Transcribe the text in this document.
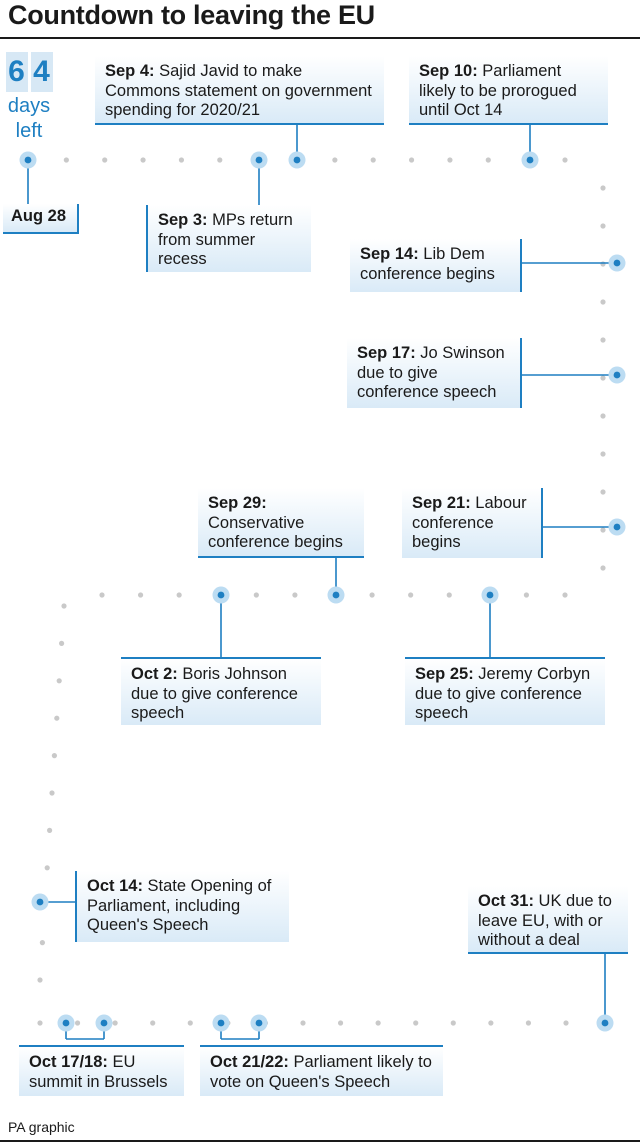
Countdown to leaving the EU
6 4
days
left
Aug 28	Sep 3: MPs return from summer recess
Sep 4: Sajid Javid to make Commons statement on government spending for 2020/21
Sep 10: Parliament likely to be prorogued until Oct 14
Sep 14: Lib Dem conference begins
Sep 17: Jo Swinson due to give conference speech
Sep 21: Labour conference begins
Sep 25: Jeremy Corbyn due to give conference speech
Sep 29: Conservative conference begins
Oct 2: Boris Johnson due to give conference speech
Oct 14: State Opening of Parliament, including Queen's Speech
Oct 17/18: EU summit in Brussels
Oct 21/22: Parliament likely to vote on Queen's Speech
Oct 31: UK due to leave EU, with or without a deal
PA graphic
